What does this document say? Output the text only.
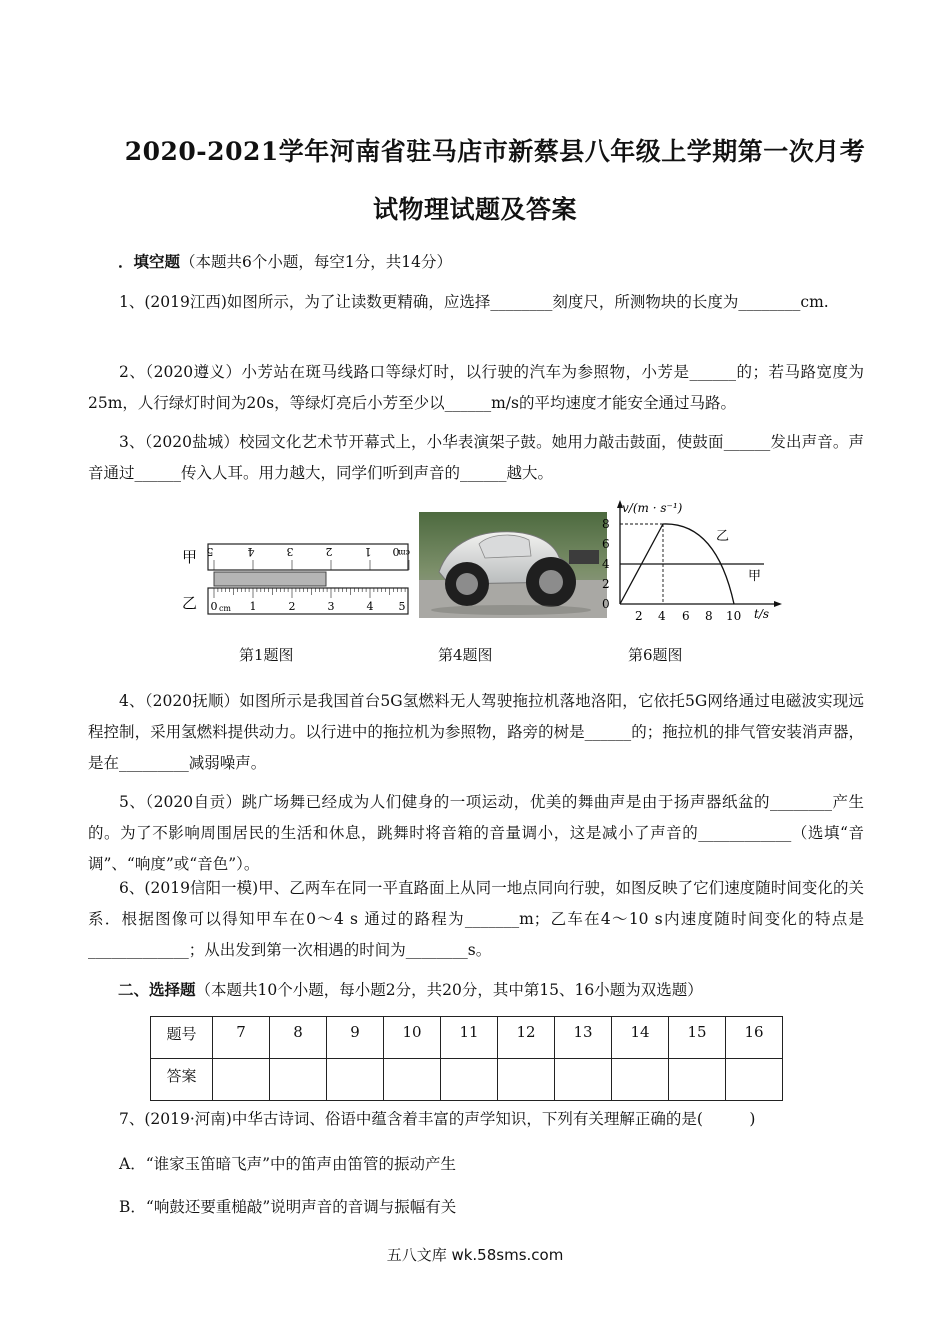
2020-2021学年河南省驻马店市新蔡县八年级上学期第一次月考
试物理试题及答案
．填空题（本题共6个小题，每空1分，共14分）
1、(2019江西)如图所示，为了让读数更精确，应选择________刻度尺，所测物块的长度为________cm.
2、（2020遵义）小芳站在斑马线路口等绿灯时，以行驶的汽车为参照物，小芳是______的；若马路宽度为25m，人行绿灯时间为20s，等绿灯亮后小芳至少以______m/s的平均速度才能安全通过马路。
3、（2020盐城）校园文化艺术节开幕式上，小华表演架子鼓。她用力敲击鼓面，使鼓面______发出声音。声音通过______传入人耳。用力越大，同学们听到声音的______越大。
甲
乙
5	4	3	2	1 0
cm
0 cm 1	2	3	4 5
v/(m · s⁻¹)
t/s
0
2
4
6
8
2 4 6 8 10
乙
甲
第1题图	第4题图	第6题图
4、（2020抚顺）如图所示是我国首台5G氢燃料无人驾驶拖拉机落地洛阳，它依托5G网络通过电磁波实现远程控制，采用氢燃料提供动力。以行进中的拖拉机为参照物，路旁的树是______的；拖拉机的排气管安装消声器，是在_________减弱噪声。
5、（2020自贡）跳广场舞已经成为人们健身的一项运动，优美的舞曲声是由于扬声器纸盆的________产生的。为了不影响周围居民的生活和休息，跳舞时将音箱的音量调小，这是减小了声音的____________（选填“音调”、“响度”或“音色”）。
6、(2019信阳一模)甲、乙两车在同一平直路面上从同一地点同向行驶，如图反映了它们速度随时间变化的关系．根据图像可以得知甲车在0～4 s 通过的路程为_______m；乙车在4～10 s内速度随时间变化的特点是_____________；从出发到第一次相遇的时间为________s。
二、选择题（本题共10个小题，每小题2分，共20分，其中第15、16小题为双选题）
题号	7	8	9	10	11	12	13	14	15	16
答案										
7、(2019·河南)中华古诗词、俗语中蕴含着丰富的声学知识，下列有关理解正确的是(　　　)
A．“谁家玉笛暗飞声”中的笛声由笛管的振动产生
B．“响鼓还要重槌敲”说明声音的音调与振幅有关
五八文库 wk.58sms.com
